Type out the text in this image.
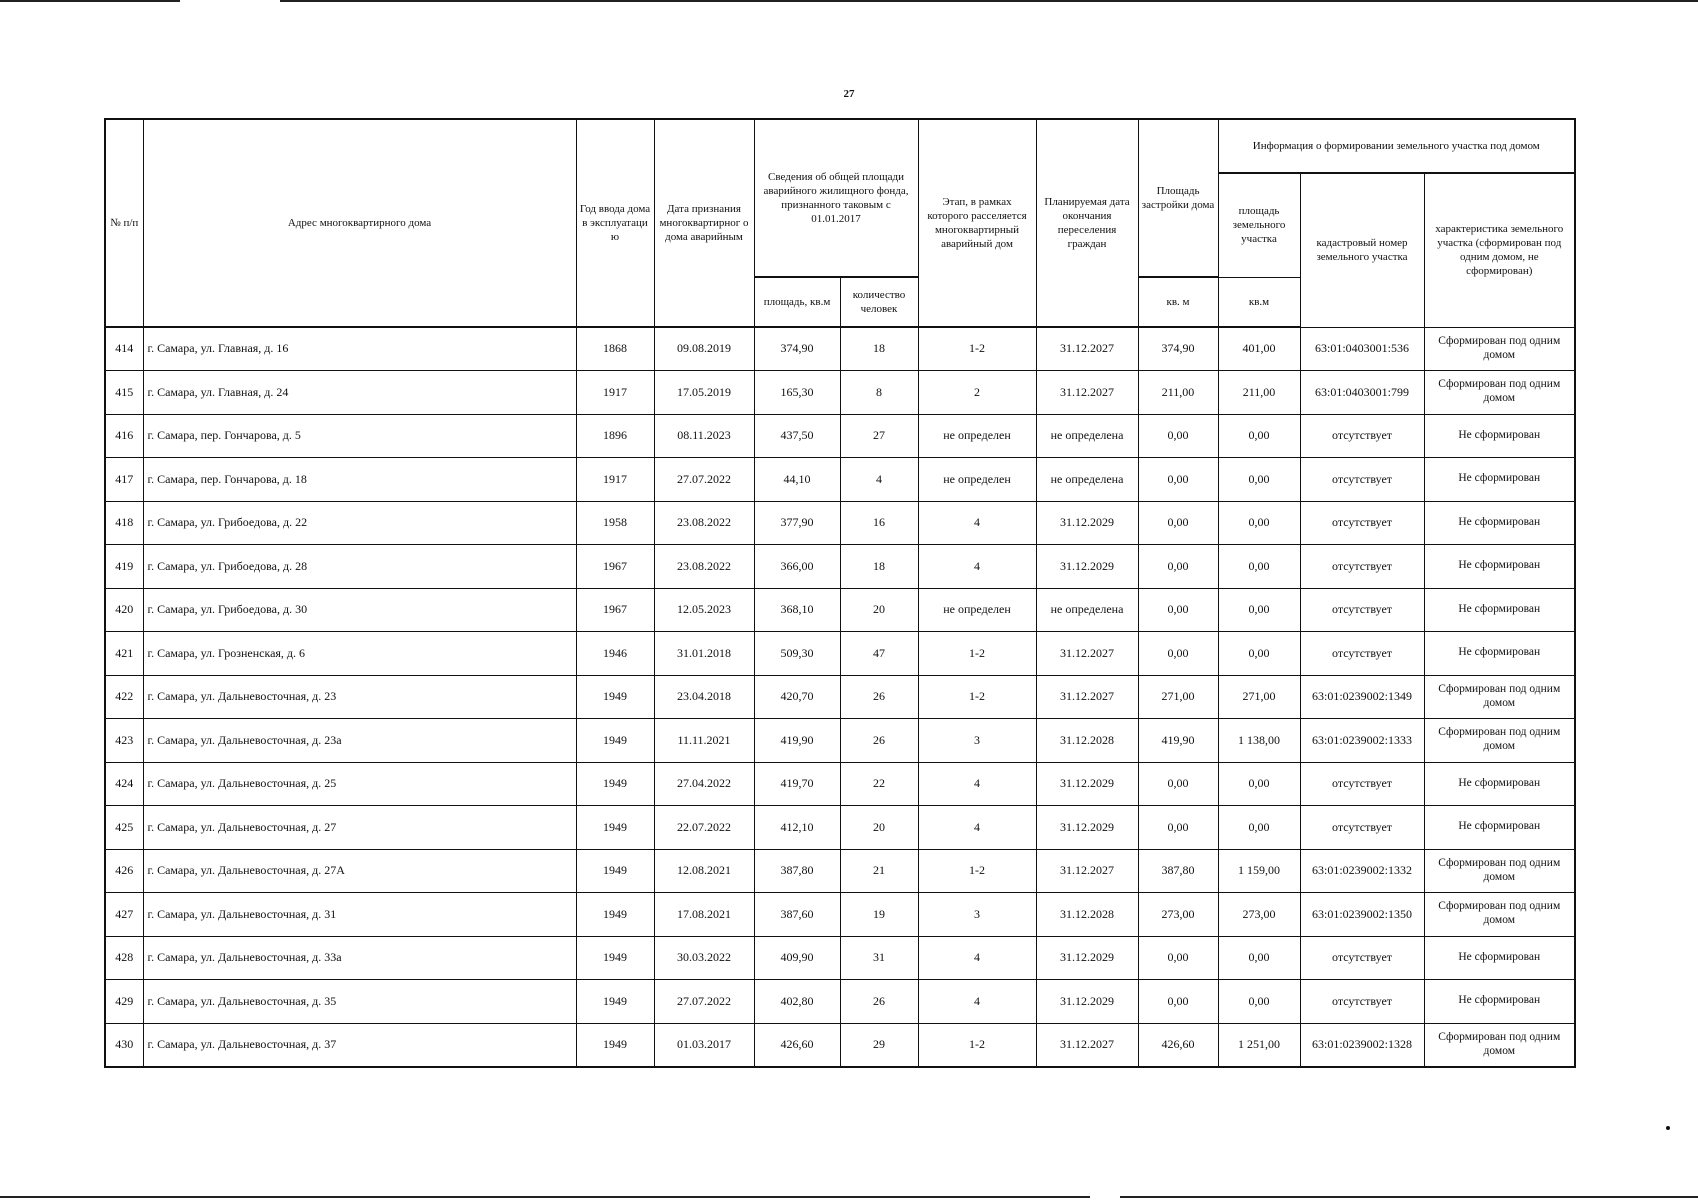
27
№ п/п	Адрес многоквартирного дома	Год ввода дома в эксплуатаци ю	Дата признания многоквартирног о дома аварийным	Сведения об общей площади аварийного жилищного фонда, признанного таковым с 01.01.2017		Этап, в рамках которого расселяется многоквартирный аварийный дом	Планируемая дата окончания переселения граждан	Площадь застройки дома	Информация о формировании земельного участка под домом		
									площадь земельного участка	кадастровый номер земельного участка	характеристика земельного участка (сформирован под одним домом, не сформирован)
				площадь, кв.м	количество человек			кв. м	кв.м		
414	г. Самара, ул. Главная, д. 16	1868	09.08.2019	374,90	18	1-2	31.12.2027	374,90	401,00	63:01:0403001:536	Сформирован под одним домом
415	г. Самара, ул. Главная, д. 24	1917	17.05.2019	165,30	8	2	31.12.2027	211,00	211,00	63:01:0403001:799	Сформирован под одним домом
416	г. Самара, пер. Гончарова, д. 5	1896	08.11.2023	437,50	27	не определен	не определена	0,00	0,00	отсутствует	Не сформирован
417	г. Самара, пер. Гончарова, д. 18	1917	27.07.2022	44,10	4	не определен	не определена	0,00	0,00	отсутствует	Не сформирован
418	г. Самара, ул. Грибоедова, д. 22	1958	23.08.2022	377,90	16	4	31.12.2029	0,00	0,00	отсутствует	Не сформирован
419	г. Самара, ул. Грибоедова, д. 28	1967	23.08.2022	366,00	18	4	31.12.2029	0,00	0,00	отсутствует	Не сформирован
420	г. Самара, ул. Грибоедова, д. 30	1967	12.05.2023	368,10	20	не определен	не определена	0,00	0,00	отсутствует	Не сформирован
421	г. Самара, ул. Грозненская, д. 6	1946	31.01.2018	509,30	47	1-2	31.12.2027	0,00	0,00	отсутствует	Не сформирован
422	г. Самара, ул. Дальневосточная, д. 23	1949	23.04.2018	420,70	26	1-2	31.12.2027	271,00	271,00	63:01:0239002:1349	Сформирован под одним домом
423	г. Самара, ул. Дальневосточная, д. 23а	1949	11.11.2021	419,90	26	3	31.12.2028	419,90	1 138,00	63:01:0239002:1333	Сформирован под одним домом
424	г. Самара, ул. Дальневосточная, д. 25	1949	27.04.2022	419,70	22	4	31.12.2029	0,00	0,00	отсутствует	Не сформирован
425	г. Самара, ул. Дальневосточная, д. 27	1949	22.07.2022	412,10	20	4	31.12.2029	0,00	0,00	отсутствует	Не сформирован
426	г. Самара, ул. Дальневосточная, д. 27А	1949	12.08.2021	387,80	21	1-2	31.12.2027	387,80	1 159,00	63:01:0239002:1332	Сформирован под одним домом
427	г. Самара, ул. Дальневосточная, д. 31	1949	17.08.2021	387,60	19	3	31.12.2028	273,00	273,00	63:01:0239002:1350	Сформирован под одним домом
428	г. Самара, ул. Дальневосточная, д. 33а	1949	30.03.2022	409,90	31	4	31.12.2029	0,00	0,00	отсутствует	Не сформирован
429	г. Самара, ул. Дальневосточная, д. 35	1949	27.07.2022	402,80	26	4	31.12.2029	0,00	0,00	отсутствует	Не сформирован
430	г. Самара, ул. Дальневосточная, д. 37	1949	01.03.2017	426,60	29	1-2	31.12.2027	426,60	1 251,00	63:01:0239002:1328	Сформирован под одним домом
